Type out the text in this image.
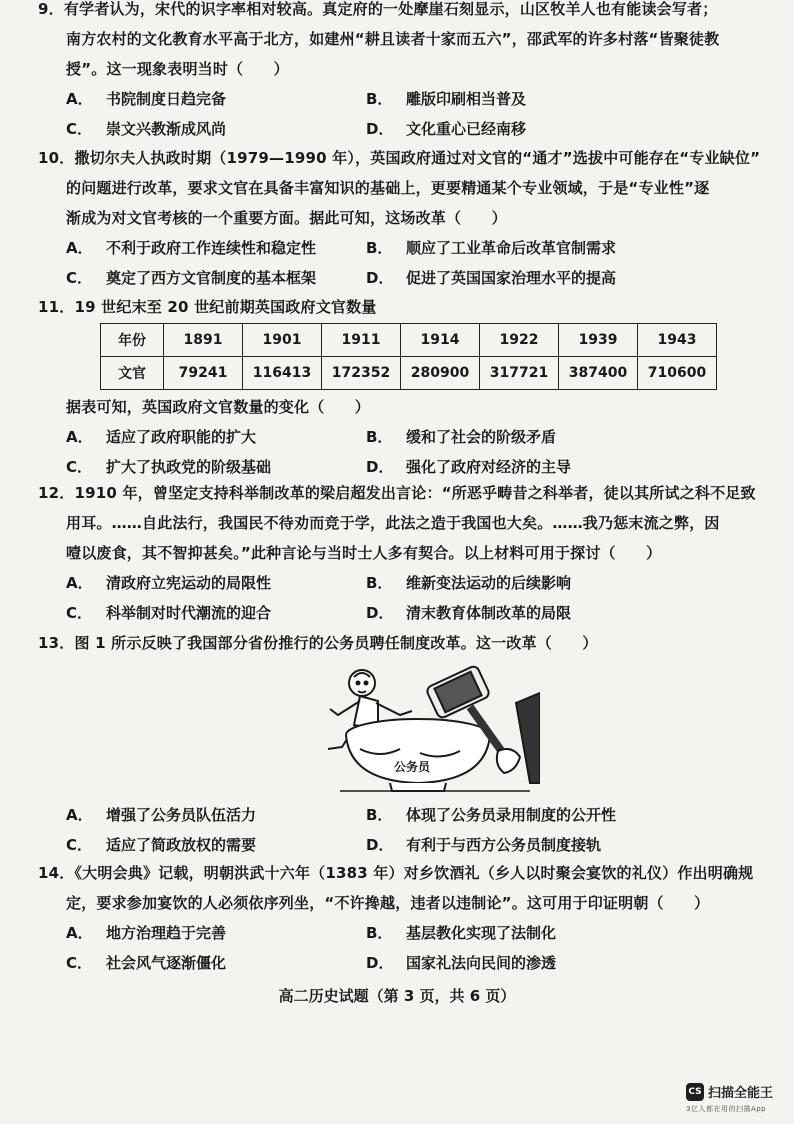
9．有学者认为，宋代的识字率相对较高。真定府的一处摩崖石刻显示，山区牧羊人也有能读会写者；
南方农村的文化教育水平高于北方，如建州“耕且读者十家而五六”，邵武军的许多村落“皆聚徒教
授”。这一现象表明当时（　　）
A． 书院制度日趋完备	B． 雕版印刷相当普及
C． 崇文兴教渐成风尚	D． 文化重心已经南移
10．撒切尔夫人执政时期（1979—1990 年），英国政府通过对文官的“通才”选拔中可能存在“专业缺位”
的问题进行改革，要求文官在具备丰富知识的基础上，更要精通某个专业领域，于是“专业性”逐
渐成为对文官考核的一个重要方面。据此可知，这场改革（　　）
A． 不利于政府工作连续性和稳定性	B． 顺应了工业革命后改革官制需求
C． 奠定了西方文官制度的基本框架	D． 促进了英国国家治理水平的提高
11．19 世纪末至 20 世纪前期英国政府文官数量
年份	1891	1901	1911	1914	1922	1939	1943
文官	79241	116413	172352	280900	317721	387400	710600
据表可知，英国政府文官数量的变化（　　）
A． 适应了政府职能的扩大	B． 缓和了社会的阶级矛盾
C． 扩大了执政党的阶级基础	D． 强化了政府对经济的主导
12．1910 年，曾坚定支持科举制改革的梁启超发出言论：“所恶乎畴昔之科举者，徒以其所试之科不足致
用耳。……自此法行，我国民不待劝而竞于学，此法之造于我国也大矣。……我乃惩末流之弊，因
噎以废食，其不智抑甚矣。”此种言论与当时士人多有契合。以上材料可用于探讨（　　）
A． 清政府立宪运动的局限性	B． 维新变法运动的后续影响
C． 科举制对时代潮流的迎合	D． 清末教育体制改革的局限
13．图 1 所示反映了我国部分省份推行的公务员聘任制度改革。这一改革（　　）
公务员
A． 增强了公务员队伍活力	B． 体现了公务员录用制度的公开性
C． 适应了简政放权的需要	D． 有利于与西方公务员制度接轨
14．《大明会典》记载，明朝洪武十六年（1383 年）对乡饮酒礼（乡人以时聚会宴饮的礼仪）作出明确规
定，要求参加宴饮的人必须依序列坐，“不许搀越，违者以违制论”。这可用于印证明朝（　　）
A． 地方治理趋于完善	B． 基层教化实现了法制化
C． 社会风气逐渐僵化	D． 国家礼法向民间的渗透
高二历史试题（第 3 页，共 6 页）
CS 扫描全能王
3亿人都在用的扫描App
